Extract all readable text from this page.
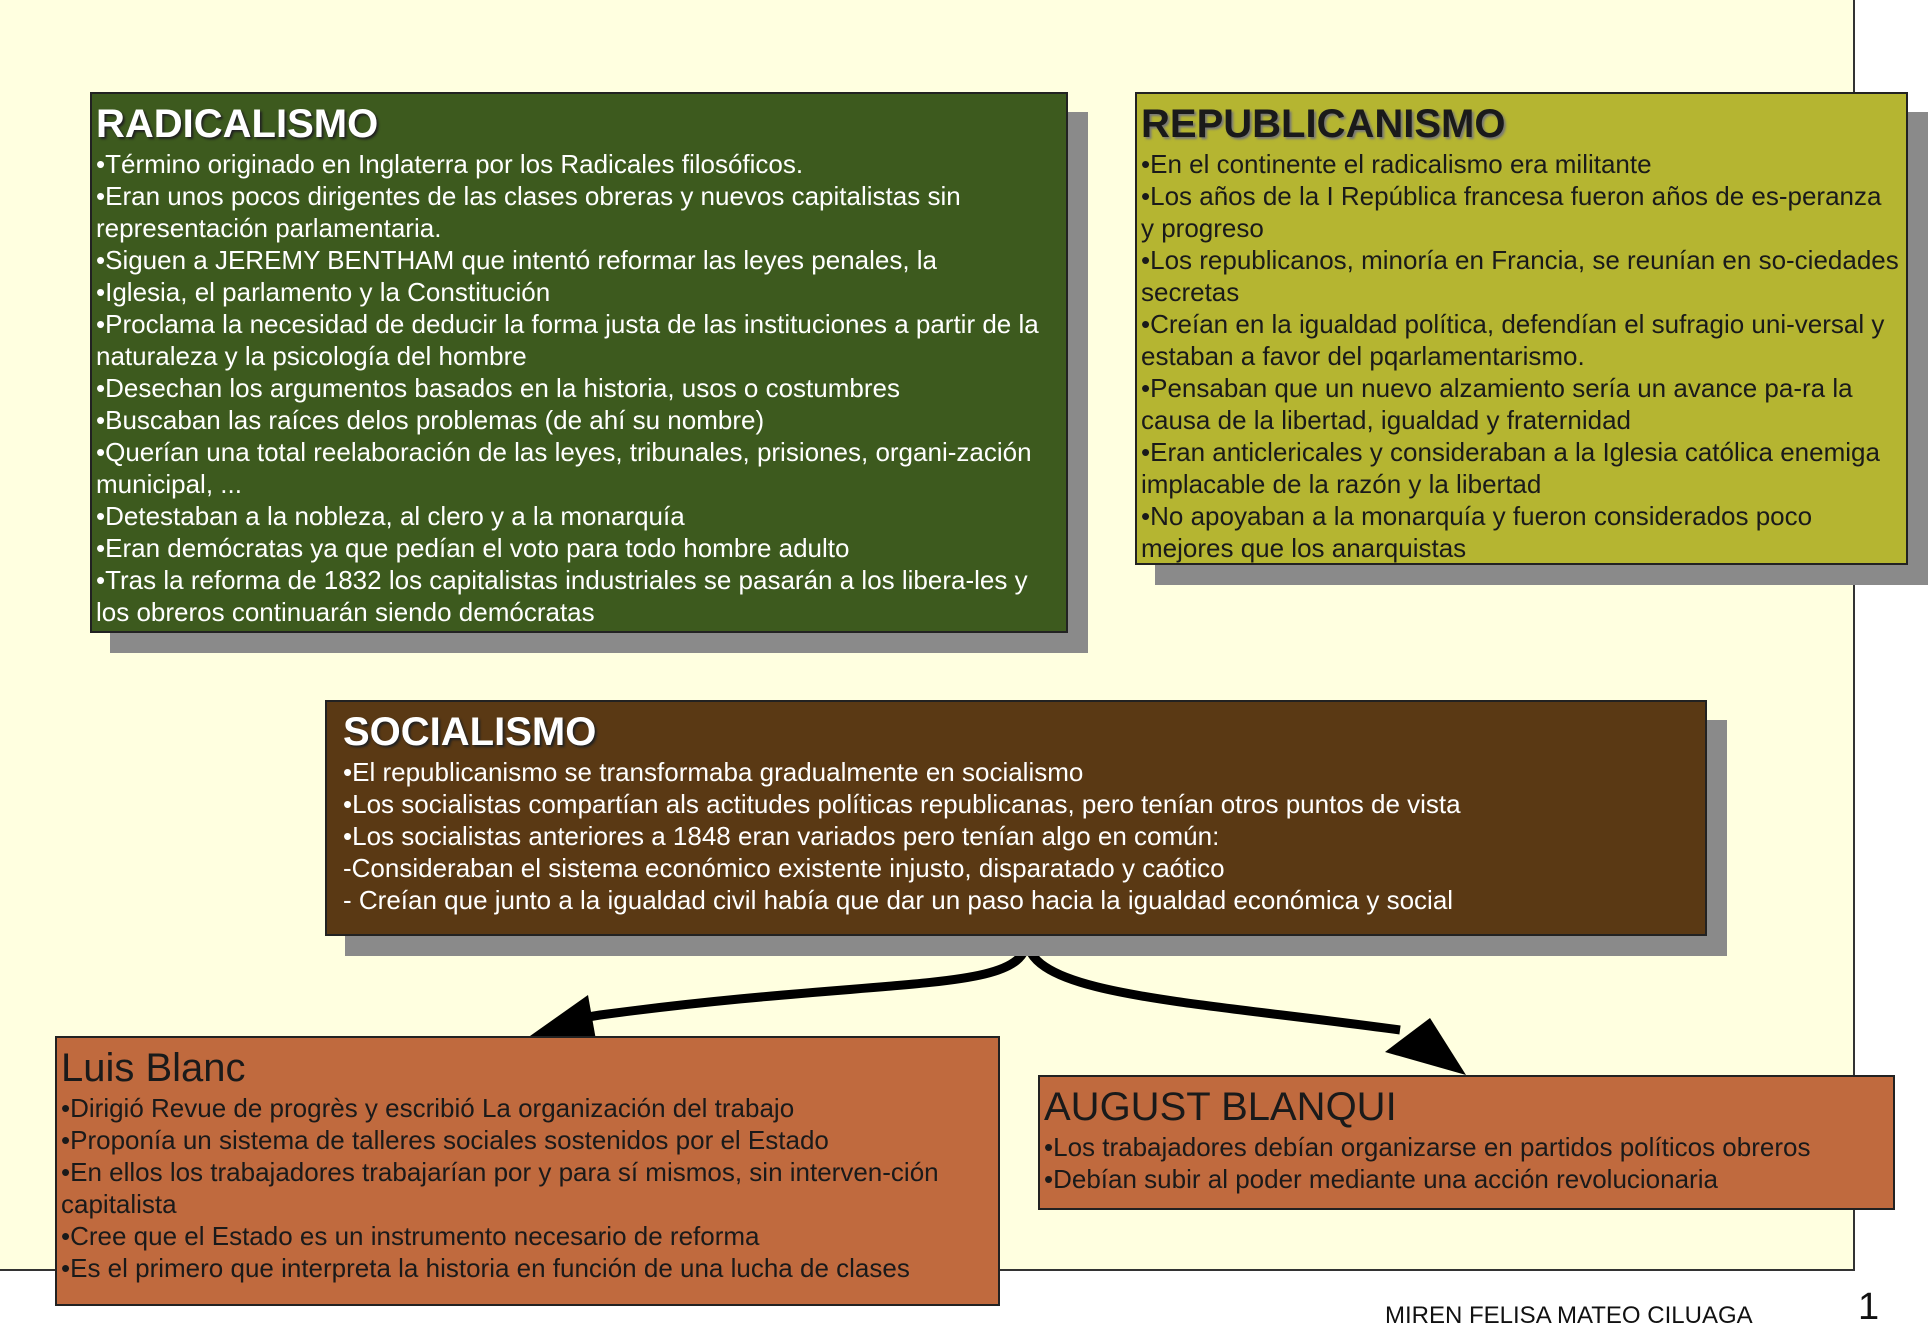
RADICALISMO
•Término originado en Inglaterra por los Radicales filosóficos.
•Eran unos pocos dirigentes de las clases obreras y nuevos capitalistas sin representación parlamentaria.
•Siguen a JEREMY BENTHAM que intentó reformar las leyes penales, la
•Iglesia, el parlamento y la Constitución
•Proclama la necesidad de deducir la forma justa de las instituciones a partir de la naturaleza y la psicología del hombre
•Desechan los argumentos basados en la historia, usos o costumbres
•Buscaban las raíces delos problemas (de ahí su nombre)
•Querían una total reelaboración de las leyes, tribunales, prisiones, organi-zación municipal, ...
•Detestaban a la nobleza, al clero y a la monarquía
•Eran demócratas ya que pedían el voto para todo hombre adulto
•Tras la reforma de 1832 los capitalistas industriales se pasarán a los libera-les y los obreros continuarán siendo demócratas
REPUBLICANISMO
•En el continente el radicalismo era militante
•Los años de la I República francesa fueron años de es-peranza y progreso
•Los republicanos, minoría en Francia, se reunían en so-ciedades secretas
•Creían en la igualdad política, defendían el sufragio uni-versal y estaban a favor del pqarlamentarismo.
•Pensaban que un nuevo alzamiento sería un avance pa-ra la causa de la libertad, igualdad y fraternidad
•Eran anticlericales y consideraban a la Iglesia católica enemiga implacable de la razón y la libertad
•No apoyaban a la monarquía y fueron considerados poco mejores que los anarquistas
SOCIALISMO
•El republicanismo se transformaba gradualmente en socialismo
•Los socialistas compartían als actitudes políticas republicanas, pero tenían otros puntos de vista
•Los socialistas anteriores a 1848 eran variados pero tenían algo en común:
-Consideraban el sistema económico existente injusto, disparatado y caótico
- Creían que junto a la igualdad civil había que dar un paso hacia la igualdad económica y social
Luis Blanc
•Dirigió Revue de progrès y escribió La organización del trabajo
•Proponía un sistema de talleres sociales sostenidos por el Estado
•En ellos los trabajadores trabajarían por y para sí mismos, sin interven-ción capitalista
•Cree que el Estado es un instrumento necesario de reforma
•Es el primero que interpreta la historia en función de una lucha de clases
AUGUST BLANQUI
•Los trabajadores debían organizarse en partidos políticos obreros
•Debían subir al poder mediante una acción revolucionaria
MIREN FELISA MATEO CILUAGA	1
